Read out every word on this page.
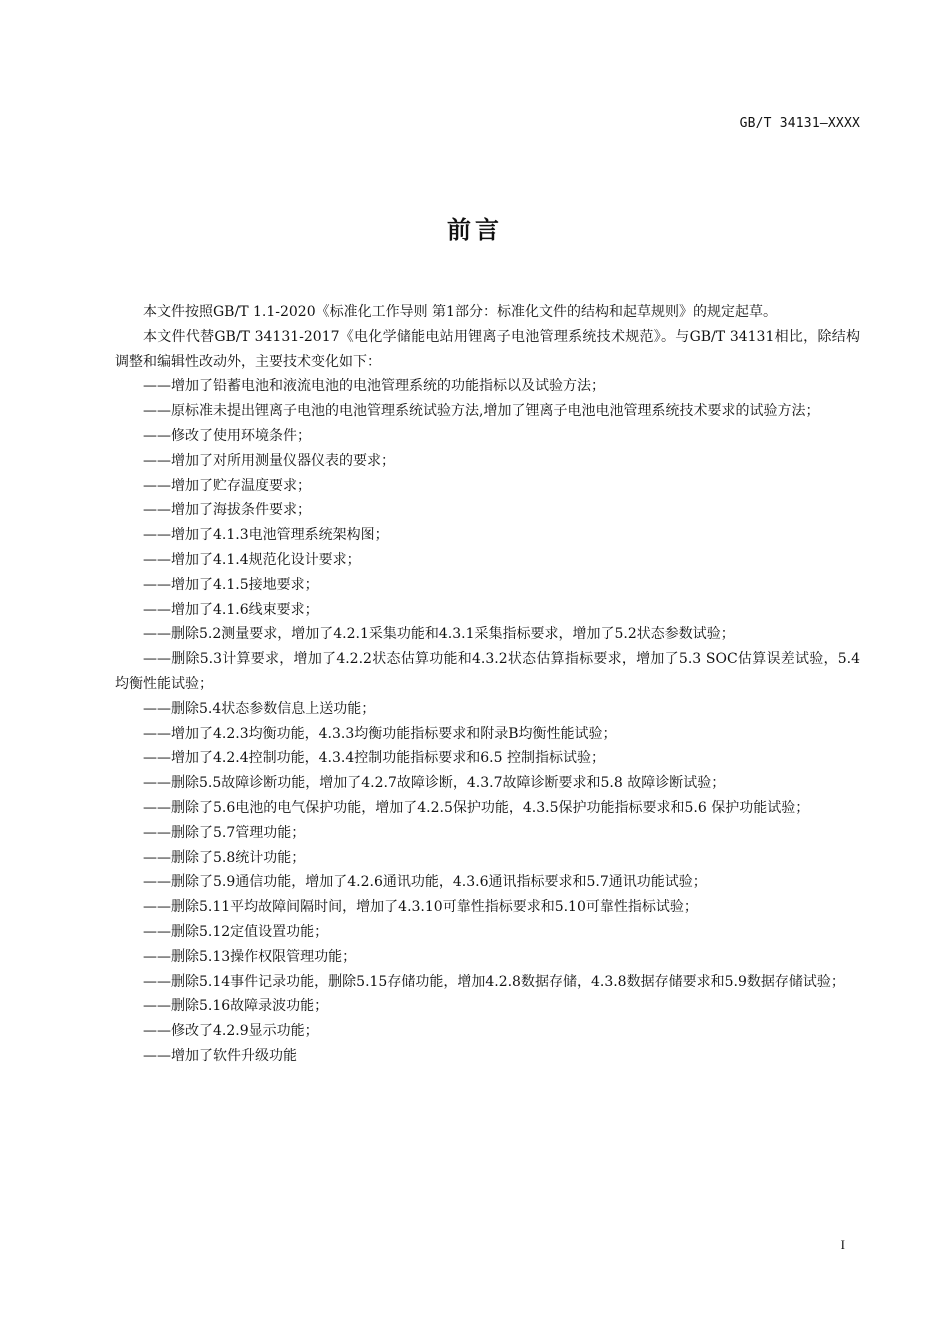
GB/T 34131—XXXX
前言

本文件按照GB/T 1.1-2020《标准化工作导则 第1部分：标准化文件的结构和起草规则》的规定起草。

本文件代替GB/T 34131-2017《电化学储能电站用锂离子电池管理系统技术规范》。与GB/T 34131相比，除结构调整和编辑性改动外，主要技术变化如下：

——增加了铅蓄电池和液流电池的电池管理系统的功能指标以及试验方法；

——原标准未提出锂离子电池的电池管理系统试验方法,增加了锂离子电池电池管理系统技术要求的试验方法；

——修改了使用环境条件；

——增加了对所用测量仪器仪表的要求；

——增加了贮存温度要求；

——增加了海拔条件要求；

——增加了4.1.3电池管理系统架构图；

——增加了4.1.4规范化设计要求；

——增加了4.1.5接地要求；

——增加了4.1.6线束要求；

——删除5.2测量要求，增加了4.2.1采集功能和4.3.1采集指标要求，增加了5.2状态参数试验；

——删除5.3计算要求，增加了4.2.2状态估算功能和4.3.2状态估算指标要求，增加了5.3 SOC估算误差试验，5.4 均衡性能试验；

——删除5.4状态参数信息上送功能；

——增加了4.2.3均衡功能，4.3.3均衡功能指标要求和附录B均衡性能试验；

——增加了4.2.4控制功能，4.3.4控制功能指标要求和6.5 控制指标试验；

——删除5.5故障诊断功能，增加了4.2.7故障诊断，4.3.7故障诊断要求和5.8 故障诊断试验；

——删除了5.6电池的电气保护功能，增加了4.2.5保护功能，4.3.5保护功能指标要求和5.6 保护功能试验；

——删除了5.7管理功能；

——删除了5.8统计功能；

——删除了5.9通信功能，增加了4.2.6通讯功能，4.3.6通讯指标要求和5.7通讯功能试验；

——删除5.11平均故障间隔时间，增加了4.3.10可靠性指标要求和5.10可靠性指标试验；

——删除5.12定值设置功能；

——删除5.13操作权限管理功能；

——删除5.14事件记录功能，删除5.15存储功能，增加4.2.8数据存储，4.3.8数据存储要求和5.9数据存储试验；

——删除5.16故障录波功能；

——修改了4.2.9显示功能；

——增加了软件升级功能

I
